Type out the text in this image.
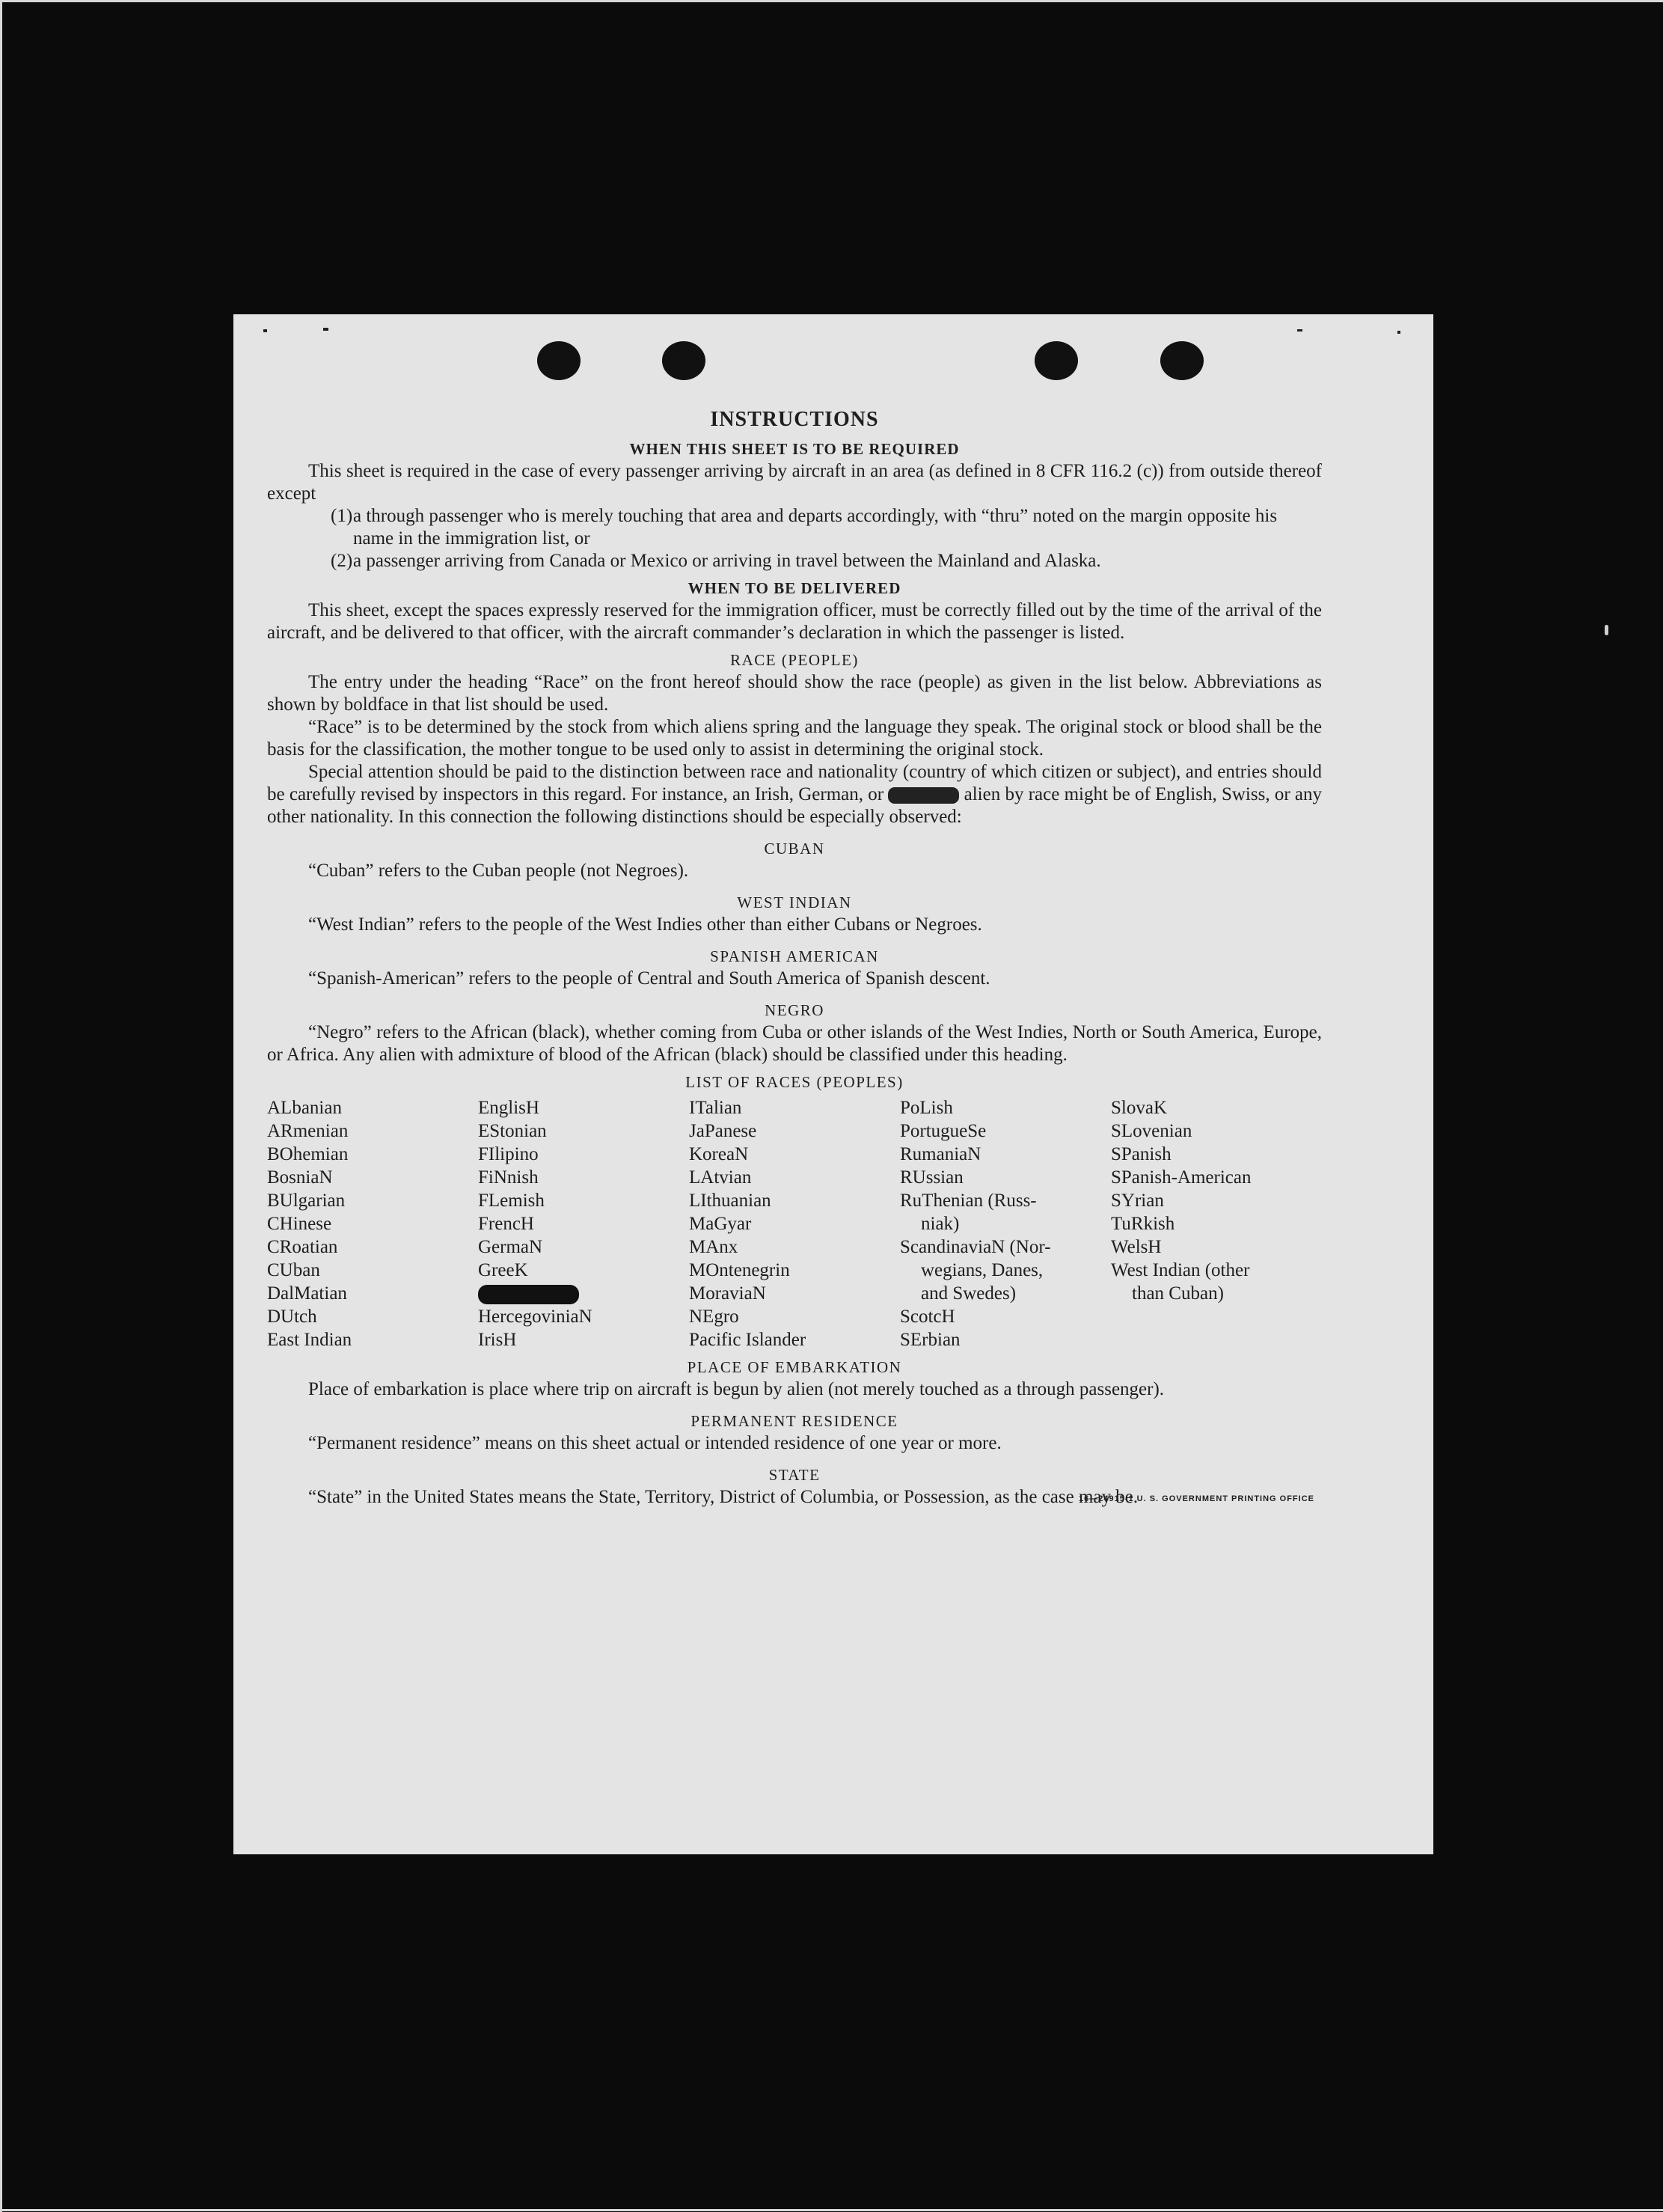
INSTRUCTIONS
WHEN THIS SHEET IS TO BE REQUIRED

This sheet is required in the case of every passenger arriving by aircraft in an area (as defined in 8 CFR 116.2 (c)) from outside thereof except

(1)a through passenger who is merely touching that area and departs accordingly, with “thru” noted on the margin opposite his name in the immigration list, or
(2)a passenger arriving from Canada or Mexico or arriving in travel between the Mainland and Alaska.
WHEN TO BE DELIVERED

This sheet, except the spaces expressly reserved for the immigration officer, must be correctly filled out by the time of the arrival of the aircraft, and be delivered to that officer, with the aircraft commander’s declaration in which the passenger is listed.

RACE (PEOPLE)

The entry under the heading “Race” on the front hereof should show the race (people) as given in the list below. Abbreviations as shown by boldface in that list should be used.

“Race” is to be determined by the stock from which aliens spring and the language they speak. The original stock or blood shall be the basis for the classification, the mother tongue to be used only to assist in determining the original stock.

Special attention should be paid to the distinction between race and nationality (country of which citizen or subject), and entries should be carefully revised by inspectors in this regard. For instance, an Irish, German, or	alien by race might be of English, Swiss, or any other nationality. In this connection the following distinctions should be especially observed:

CUBAN

“Cuban” refers to the Cuban people (not Negroes).

WEST INDIAN

“West Indian” refers to the people of the West Indies other than either Cubans or Negroes.

SPANISH AMERICAN

“Spanish-American” refers to the people of Central and South America of Spanish descent.

NEGRO

“Negro” refers to the African (black), whether coming from Cuba or other islands of the West Indies, North or South America, Europe, or Africa. Any alien with admixture of blood of the African (black) should be classified under this heading.

LIST OF RACES (PEOPLES)
ALbanian
ARmenian
BOhemian
BosniaN
BUlgarian
CHinese
CRoatian
CUban
DalMatian
DUtch
East Indian
EnglisH
EStonian
FIlipino
FiNnish
FLemish
FrencH
GermaN
GreeK
HercegoviniaN
IrisH
ITalian
JaPanese
KoreaN
LAtvian
LIthuanian
MaGyar
MAnx
MOntenegrin
MoraviaN
NEgro
Pacific Islander
PoLish
PortugueSe
RumaniaN
RUssian
RuThenian (Russ-
niak)
ScandinaviaN (Nor-
wegians, Danes,
and Swedes)
ScotcH
SErbian
SlovaK
SLovenian
SPanish
SPanish-American
SYrian
TuRkish
WelsH
West Indian (other
than Cuban)
PLACE OF EMBARKATION

Place of embarkation is place where trip on aircraft is begun by alien (not merely touched as a through passenger).

PERMANENT RESIDENCE

“Permanent residence” means on this sheet actual or intended residence of one year or more.

STATE

“State” in the United States means the State, Territory, District of Columbia, or Possession, as the case may be.

16—24915-1 U. S. GOVERNMENT PRINTING OFFICE
